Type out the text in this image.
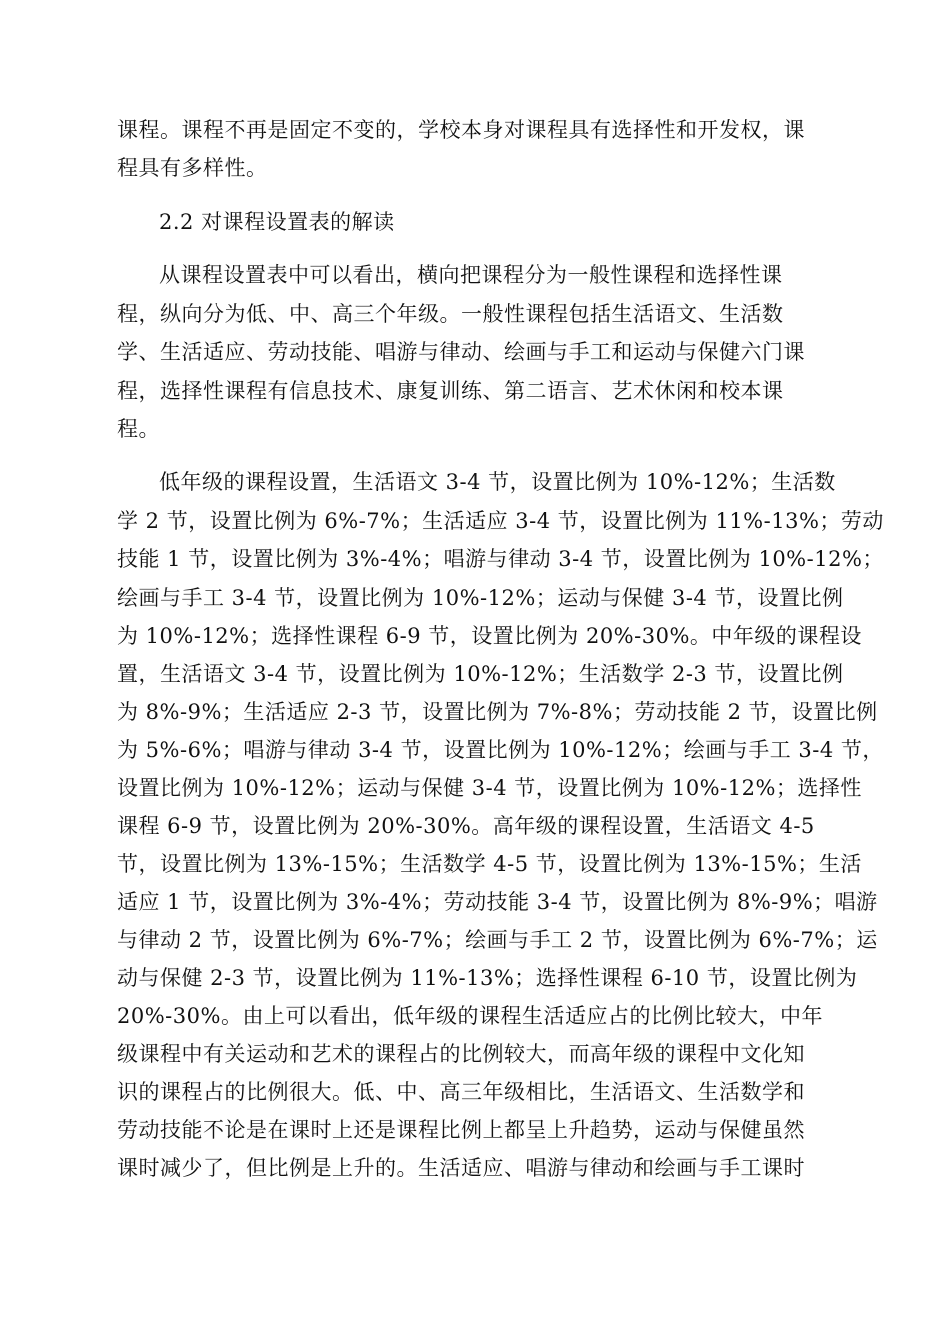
课程。课程不再是固定不变的，学校本身对课程具有选择性和开发权，课
程具有多样性。
2.2 对课程设置表的解读
从课程设置表中可以看出，横向把课程分为一般性课程和选择性课
程，纵向分为低、中、高三个年级。一般性课程包括生活语文、生活数
学、生活适应、劳动技能、唱游与律动、绘画与手工和运动与保健六门课
程，选择性课程有信息技术、康复训练、第二语言、艺术休闲和校本课
程。
低年级的课程设置，生活语文 3-4 节，设置比例为 10%-12%；生活数
学 2 节，设置比例为 6%-7%；生活适应 3-4 节，设置比例为 11%-13%；劳动
技能 1 节，设置比例为 3%-4%；唱游与律动 3-4 节，设置比例为 10%-12%；
绘画与手工 3-4 节，设置比例为 10%-12%；运动与保健 3-4 节，设置比例
为 10%-12%；选择性课程 6-9 节，设置比例为 20%-30%。中年级的课程设
置，生活语文 3-4 节，设置比例为 10%-12%；生活数学 2-3 节，设置比例
为 8%-9%；生活适应 2-3 节，设置比例为 7%-8%；劳动技能 2 节，设置比例
为 5%-6%；唱游与律动 3-4 节，设置比例为 10%-12%；绘画与手工 3-4 节，
设置比例为 10%-12%；运动与保健 3-4 节，设置比例为 10%-12%；选择性
课程 6-9 节，设置比例为 20%-30%。高年级的课程设置，生活语文 4-5
节，设置比例为 13%-15%；生活数学 4-5 节，设置比例为 13%-15%；生活
适应 1 节，设置比例为 3%-4%；劳动技能 3-4 节，设置比例为 8%-9%；唱游
与律动 2 节，设置比例为 6%-7%；绘画与手工 2 节，设置比例为 6%-7%；运
动与保健 2-3 节，设置比例为 11%-13%；选择性课程 6-10 节，设置比例为
20%-30%。由上可以看出，低年级的课程生活适应占的比例比较大，中年
级课程中有关运动和艺术的课程占的比例较大，而高年级的课程中文化知
识的课程占的比例很大。低、中、高三年级相比，生活语文、生活数学和
劳动技能不论是在课时上还是课程比例上都呈上升趋势，运动与保健虽然
课时减少了，但比例是上升的。生活适应、唱游与律动和绘画与手工课时
